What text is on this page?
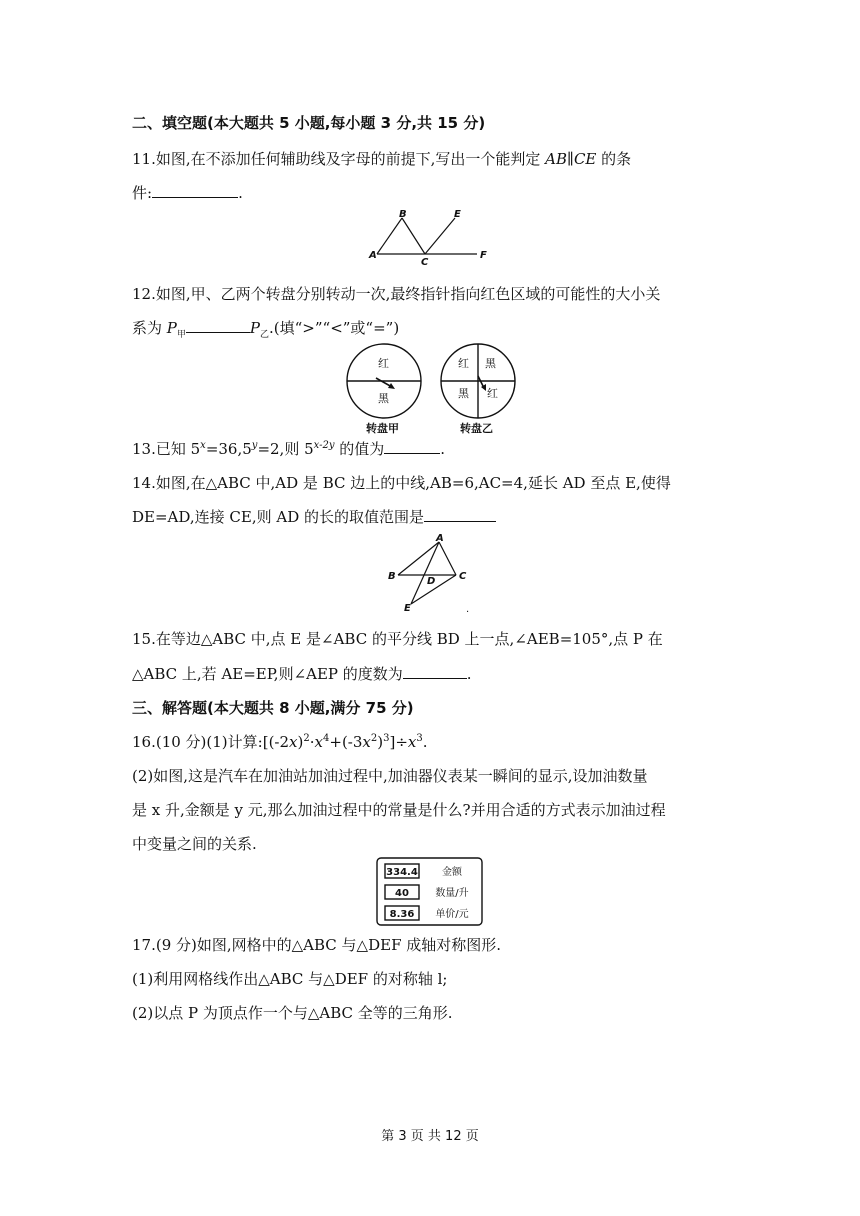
二、填空题(本大题共 5 小题,每小题 3 分,共 15 分)
11.如图,在不添加任何辅助线及字母的前提下,写出一个能判定 AB∥CE 的条
件:	.
A
B
C
E
F
12.如图,甲、乙两个转盘分别转动一次,最终指针指向红色区域的可能性的大小关
系为 $P_甲$	$P_乙$.(填“>”“<”或“=”)
红
黑
红 黑
黑 红
转盘甲	转盘乙
13.已知 $5^x=36,5^y=2$,则 $5^{x-2y}$ 的值为	.
14.如图,在△ABC 中,AD 是 BC 边上的中线,AB=6,AC=4,延长 AD 至点 E,使得
DE=AD,连接 CE,则 AD 的长的取值范围是
A
B	C
D
E	.
15.在等边△ABC 中,点 E 是∠ABC 的平分线 BD 上一点,∠AEB=105°,点 P 在
△ABC 上,若 AE=EP,则∠AEP 的度数为	.
三、解答题(本大题共 8 小题,满分 75 分)
16.(10 分)(1)计算$:[(-2x)^2\cdot x^4+(-3x^2)^3]\div x^3$.
(2)如图,这是汽车在加油站加油过程中,加油器仪表某一瞬间的显示,设加油数量
是 x 升,金额是 y 元,那么加油过程中的常量是什么?并用合适的方式表示加油过程
中变量之间的关系.
334.4
40
8.36
金额
数量/升
单价/元
17.(9 分)如图,网格中的△ABC 与△DEF 成轴对称图形.
(1)利用网格线作出△ABC 与△DEF 的对称轴 l;
(2)以点 P 为顶点作一个与△ABC 全等的三角形.
第 3 页 共 12 页
